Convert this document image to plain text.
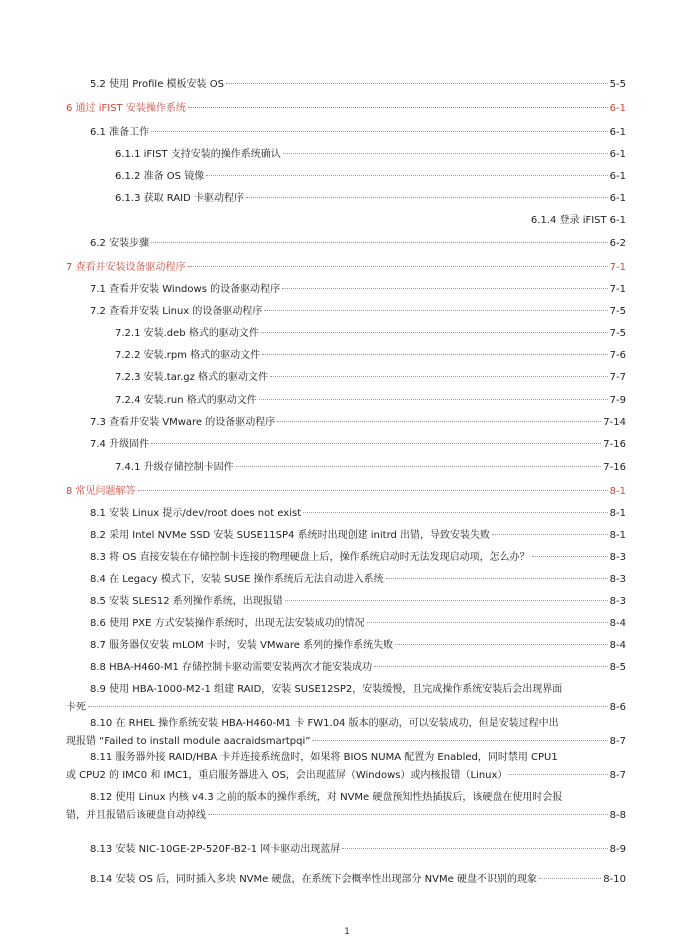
5.2 使用 Profile 模板安装 OS	5-5
6 通过 iFIST 安装操作系统	6-1
6.1 准备工作	6-1
6.1.1 iFIST 支持安装的操作系统确认	6-1
6.1.2 准备 OS 镜像	6-1
6.1.3 获取 RAID 卡驱动程序	6-1
6.1.4 登录 iFIST 6-1
6.2 安装步骤	6-2
7 查看并安装设备驱动程序	7-1
7.1 查看并安装 Windows 的设备驱动程序	7-1
7.2 查看并安装 Linux 的设备驱动程序	7-5
7.2.1 安装.deb 格式的驱动文件	7-5
7.2.2 安装.rpm 格式的驱动文件	7-6
7.2.3 安装.tar.gz 格式的驱动文件	7-7
7.2.4 安装.run 格式的驱动文件	7-9
7.3 查看并安装 VMware 的设备驱动程序	7-14
7.4 升级固件	7-16
7.4.1 升级存储控制卡固件	7-16
8 常见问题解答	8-1
8.1 安装 Linux 提示/dev/root does not exist	8-1
8.2 采用 Intel NVMe SSD 安装 SUSE11SP4 系统时出现创建 initrd 出错，导致安装失败	8-1
8.3 将 OS 直接安装在存储控制卡连接的物理硬盘上后，操作系统启动时无法发现启动项，怎么办？	8-3
8.4 在 Legacy 模式下，安装 SUSE 操作系统后无法自动进入系统	8-3
8.5 安装 SLES12 系列操作系统，出现报错	8-3
8.6 使用 PXE 方式安装操作系统时，出现无法安装成功的情况	8-4
8.7 服务器仅安装 mLOM 卡时，安装 VMware 系列的操作系统失败	8-4
8.8 HBA-H460-M1 存储控制卡驱动需要安装两次才能安装成功	8-5
8.9 使用 HBA-1000-M2-1 组建 RAID，安装 SUSE12SP2，安装缓慢，且完成操作系统安装后会出现界面
卡死	8-6
8.10 在 RHEL 操作系统安装 HBA-H460-M1 卡 FW1.04 版本的驱动，可以安装成功，但是安装过程中出
现报错 “Failed to install module aacraidsmartpqi”	8-7
8.11 服务器外接 RAID/HBA 卡并连接系统盘时，如果将 BIOS NUMA 配置为 Enabled，同时禁用 CPU1
或 CPU2 的 IMC0 和 IMC1，重启服务器进入 OS，会出现蓝屏（Windows）或内核报错（Linux）	8-7
8.12 使用 Linux 内核 v4.3 之前的版本的操作系统，对 NVMe 硬盘预知性热插拔后，该硬盘在使用时会报
错，并且报错后该硬盘自动掉线	8-8
8.13 安装 NIC-10GE-2P-520F-B2-1 网卡驱动出现蓝屏	8-9
8.14 安装 OS 后，同时插入多块 NVMe 硬盘，在系统下会概率性出现部分 NVMe 硬盘不识别的现象	8-10
1
